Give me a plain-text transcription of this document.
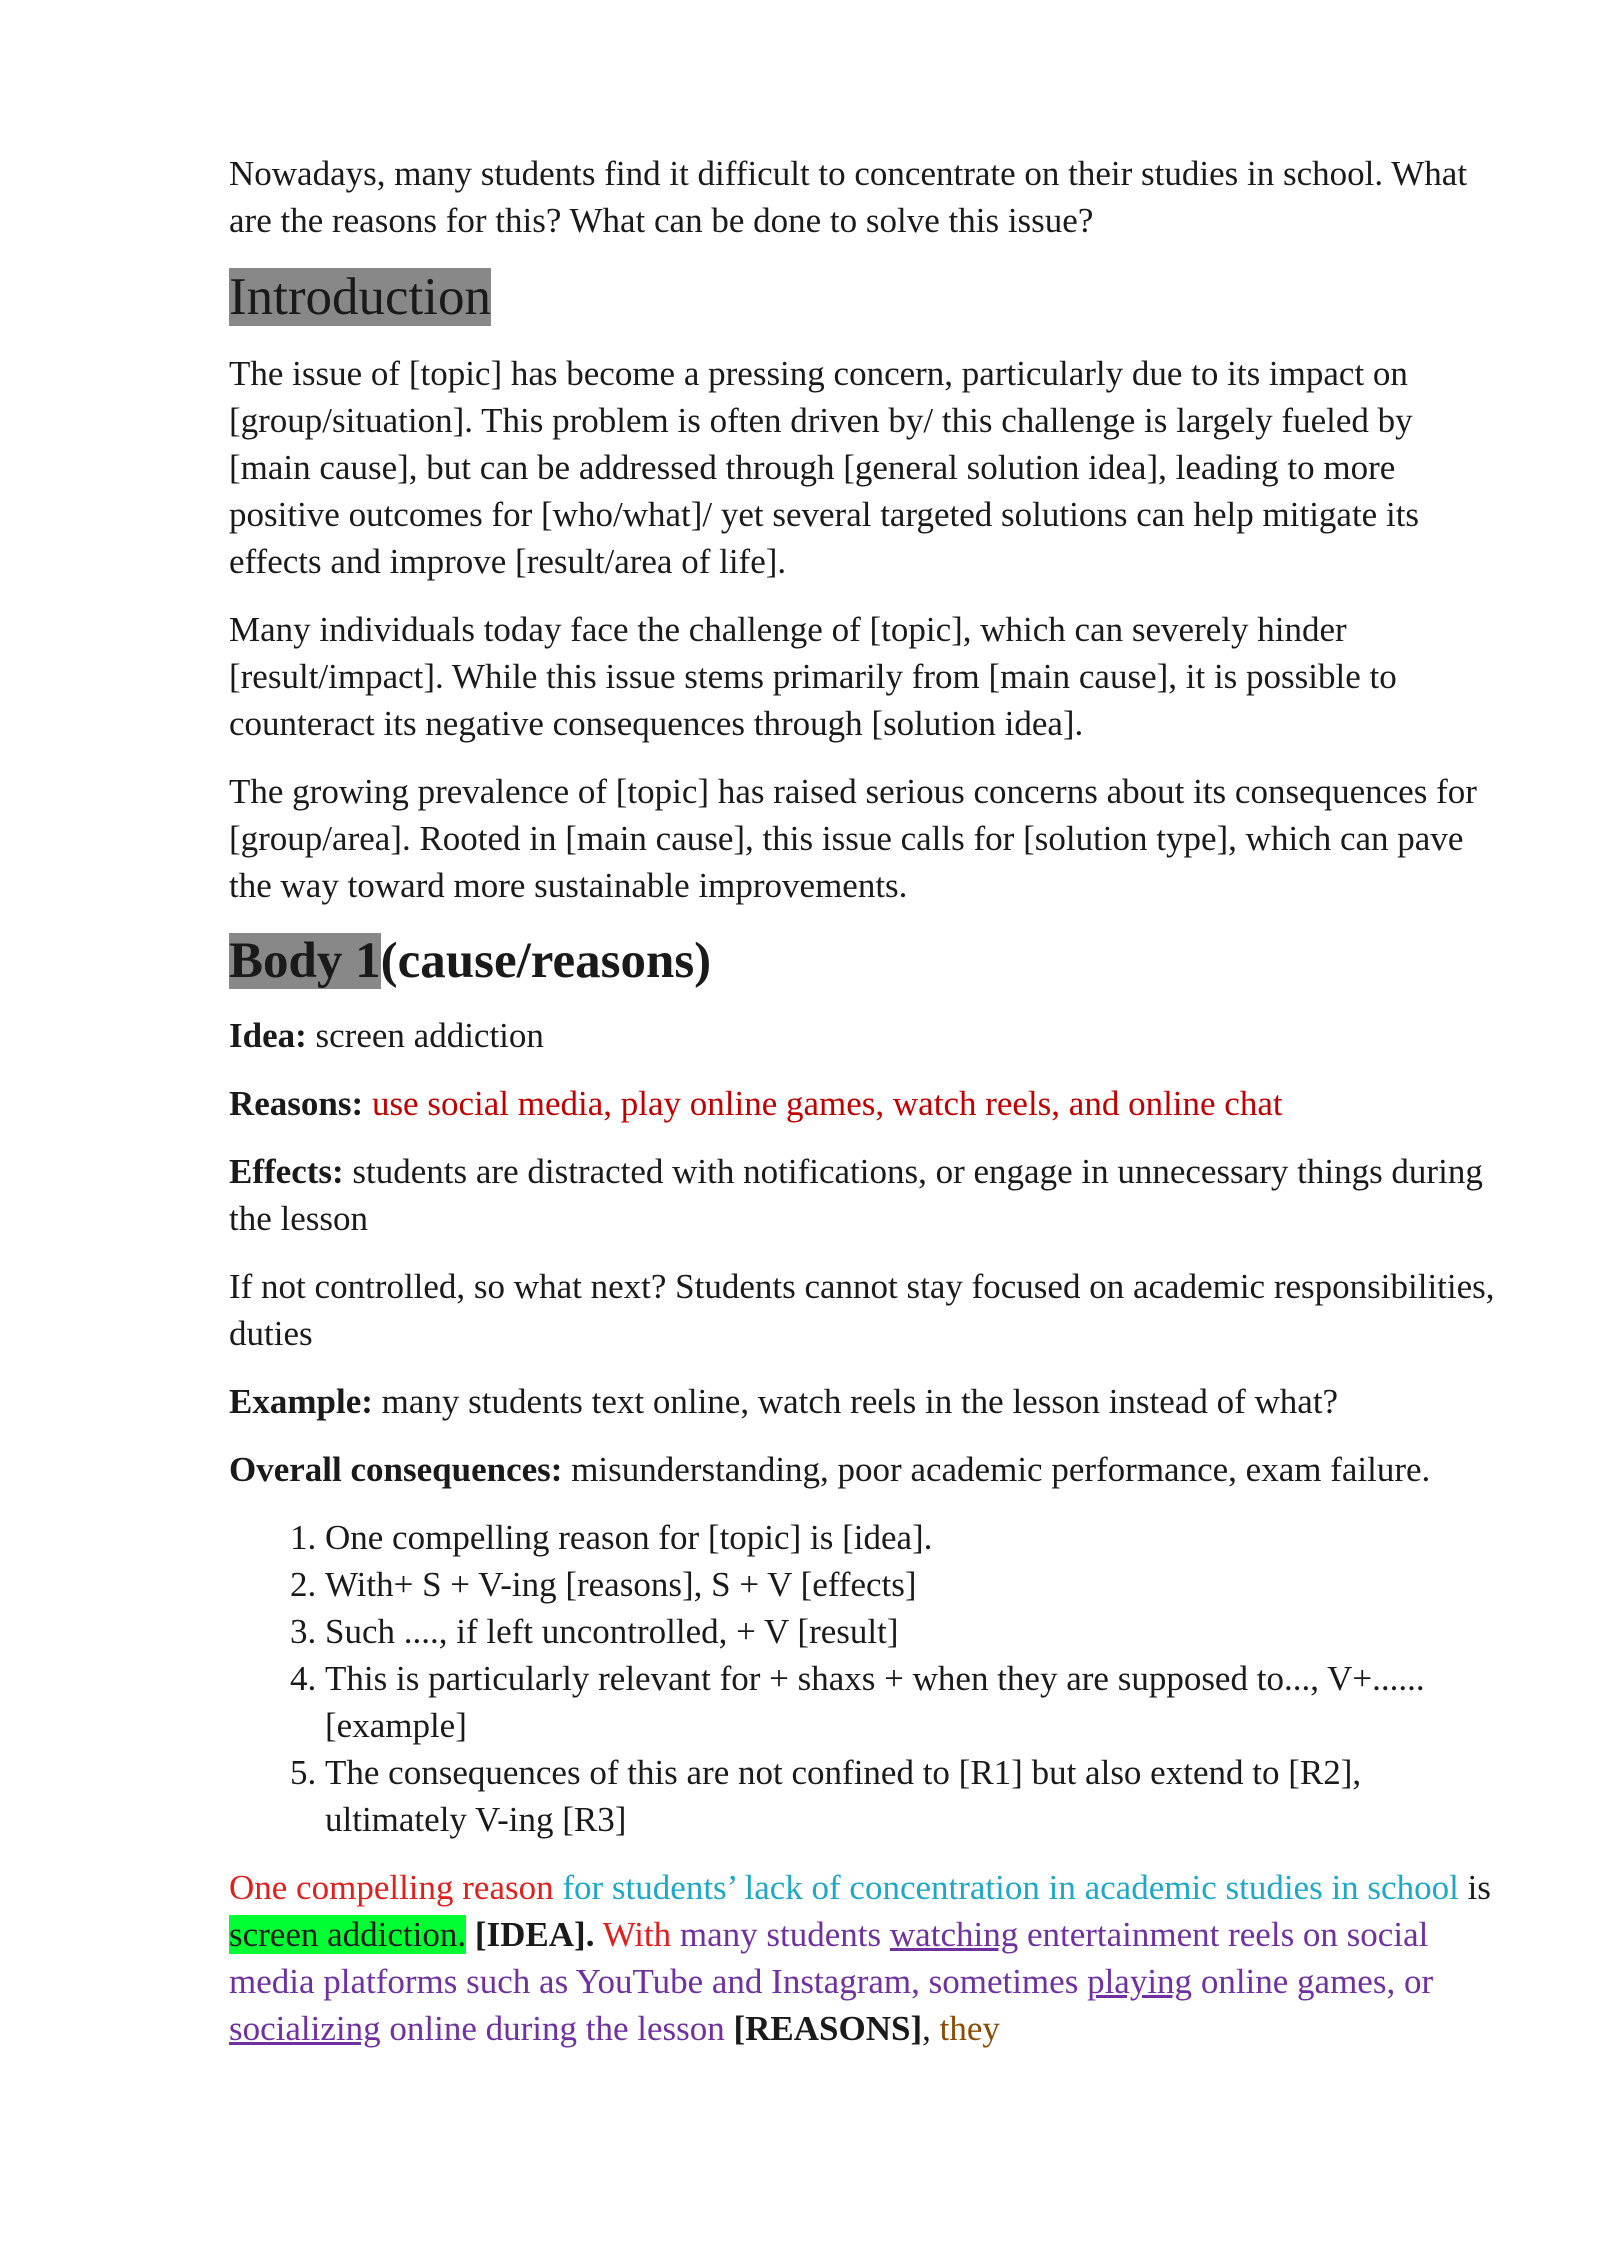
Nowadays, many students find it difficult to concentrate on their studies in school. What are the reasons for this? What can be done to solve this issue?

Introduction

The issue of [topic] has become a pressing concern, particularly due to its impact on [group/situation]. This problem is often driven by/ this challenge is largely fueled by [main cause], but can be addressed through [general solution idea], leading to more positive outcomes for [who/what]/ yet several targeted solutions can help mitigate its effects and improve [result/area of life].

Many individuals today face the challenge of [topic], which can severely hinder [result/impact]. While this issue stems primarily from [main cause], it is possible to counteract its negative consequences through [solution idea].

The growing prevalence of [topic] has raised serious concerns about its consequences for [group/area]. Rooted in [main cause], this issue calls for [solution type], which can pave the way toward more sustainable improvements.

Body 1(cause/reasons)

Idea: screen addiction

Reasons: use social media, play online games, watch reels, and online chat

Effects: students are distracted with notifications, or engage in unnecessary things during the lesson

If not controlled, so what next? Students cannot stay focused on academic responsibilities, duties

Example: many students text online, watch reels in the lesson instead of what?

Overall consequences: misunderstanding, poor academic performance, exam failure.

1. One compelling reason for [topic] is [idea].
2. With+ S + V-ing [reasons], S + V [effects]
3. Such ...., if left uncontrolled, + V [result]
4. This is particularly relevant for + shaxs + when they are supposed to..., V+......[example]
5. The consequences of this are not confined to [R1] but also extend to [R2], ultimately V-ing [R3]

One compelling reason for students’ lack of concentration in academic studies in school is screen addiction. [IDEA]. With many students watching entertainment reels on social media platforms such as YouTube and Instagram, sometimes playing online games, or socializing online during the lesson [REASONS], they
